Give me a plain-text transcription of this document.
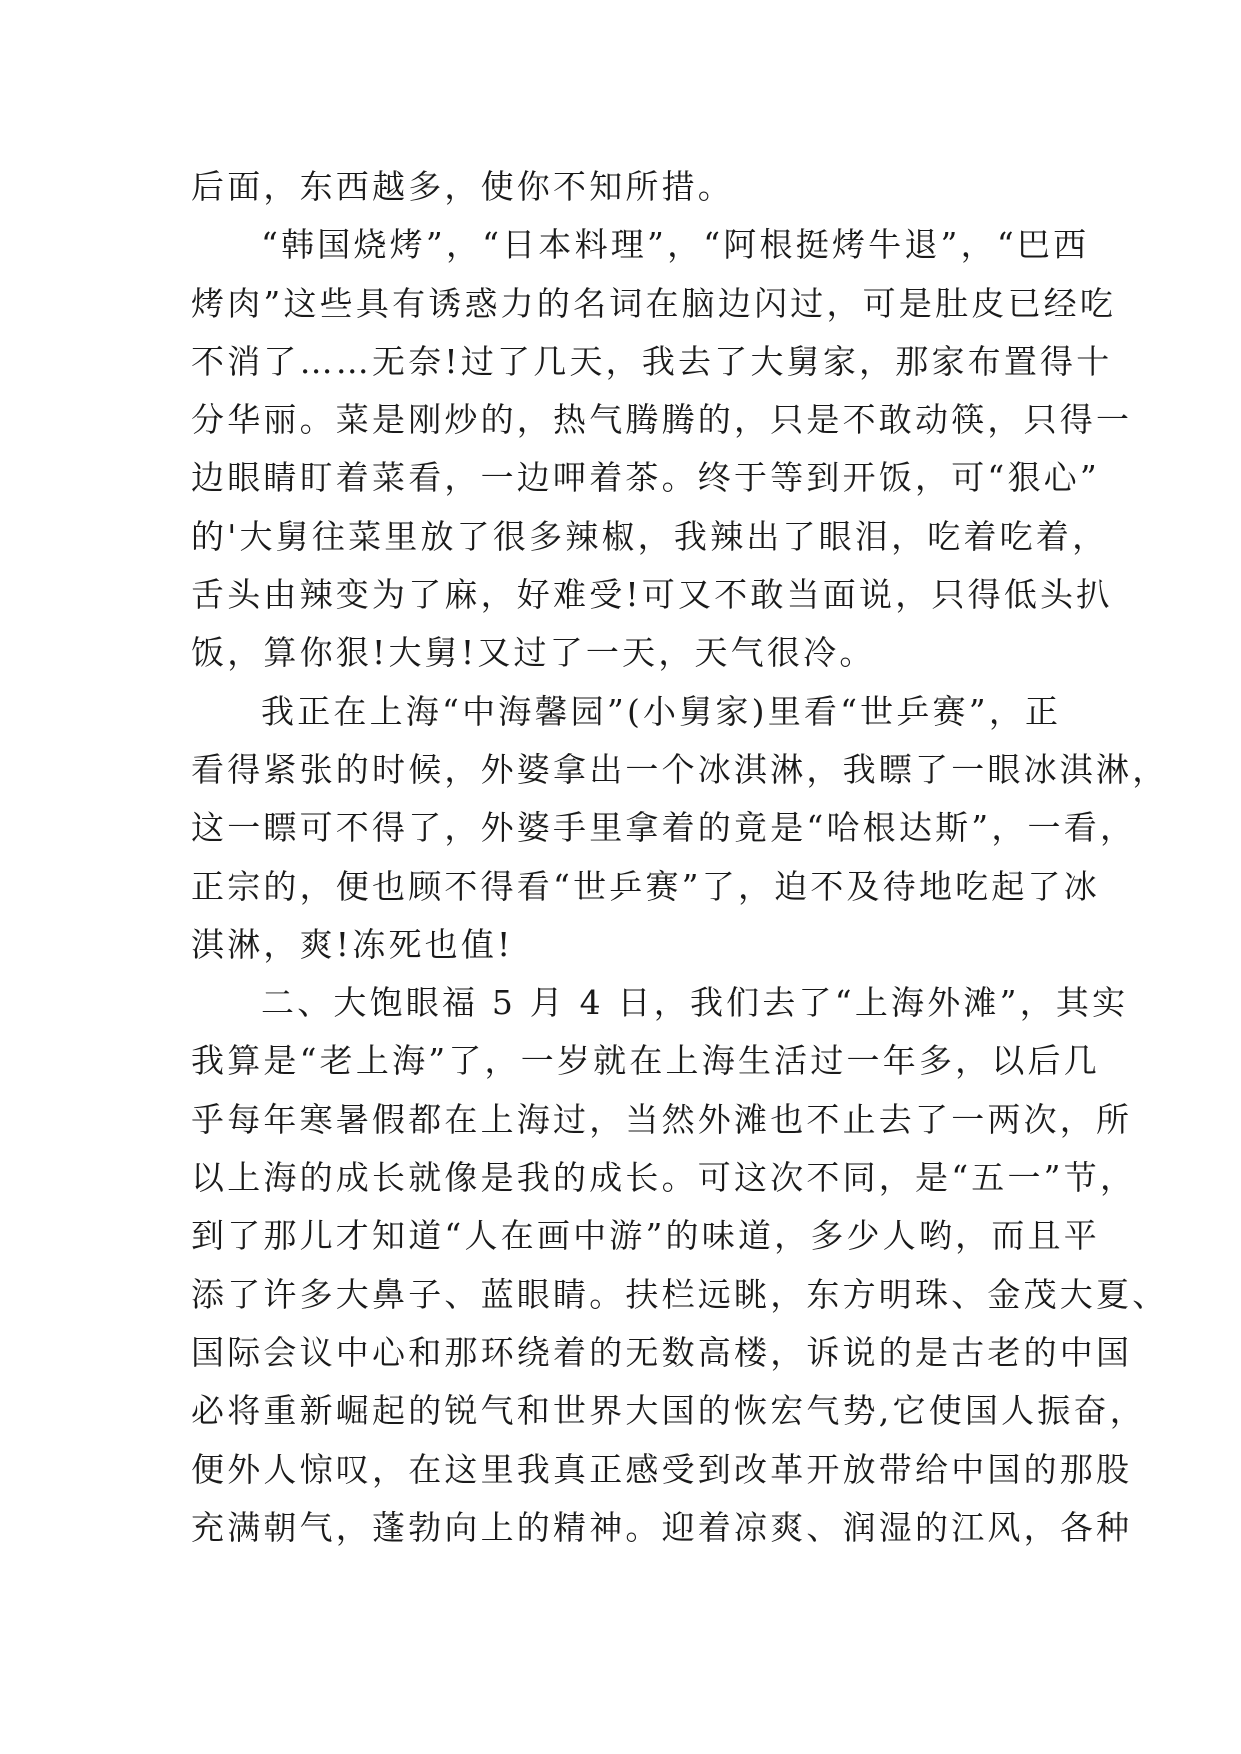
后面，东西越多，使你不知所措。
“韩国烧烤”，“日本料理”，“阿根挺烤牛退”，“巴西
烤肉”这些具有诱惑力的名词在脑边闪过，可是肚皮已经吃
不消了……无奈!过了几天，我去了大舅家，那家布置得十
分华丽。菜是刚炒的，热气腾腾的，只是不敢动筷，只得一
边眼睛盯着菜看，一边呷着茶。终于等到开饭，可“狠心”
的'大舅往菜里放了很多辣椒，我辣出了眼泪，吃着吃着，
舌头由辣变为了麻，好难受!可又不敢当面说，只得低头扒
饭，算你狠!大舅!又过了一天，天气很冷。
我正在上海“中海馨园”(小舅家)里看“世乒赛”，正
看得紧张的时候，外婆拿出一个冰淇淋，我瞟了一眼冰淇淋，
这一瞟可不得了，外婆手里拿着的竟是“哈根达斯”，一看，
正宗的，便也顾不得看“世乒赛”了，迫不及待地吃起了冰
淇淋，爽!冻死也值!
二、大饱眼福 5 月 4 日，我们去了“上海外滩”，其实
我算是“老上海”了，一岁就在上海生活过一年多，以后几
乎每年寒暑假都在上海过，当然外滩也不止去了一两次，所
以上海的成长就像是我的成长。可这次不同，是“五一”节，
到了那儿才知道“人在画中游”的味道，多少人哟，而且平
添了许多大鼻子、蓝眼睛。扶栏远眺，东方明珠、金茂大夏、
国际会议中心和那环绕着的无数高楼，诉说的是古老的中国
必将重新崛起的锐气和世界大国的恢宏气势,它使国人振奋，
便外人惊叹，在这里我真正感受到改革开放带给中国的那股
充满朝气，蓬勃向上的精神。迎着凉爽、润湿的江风，各种
